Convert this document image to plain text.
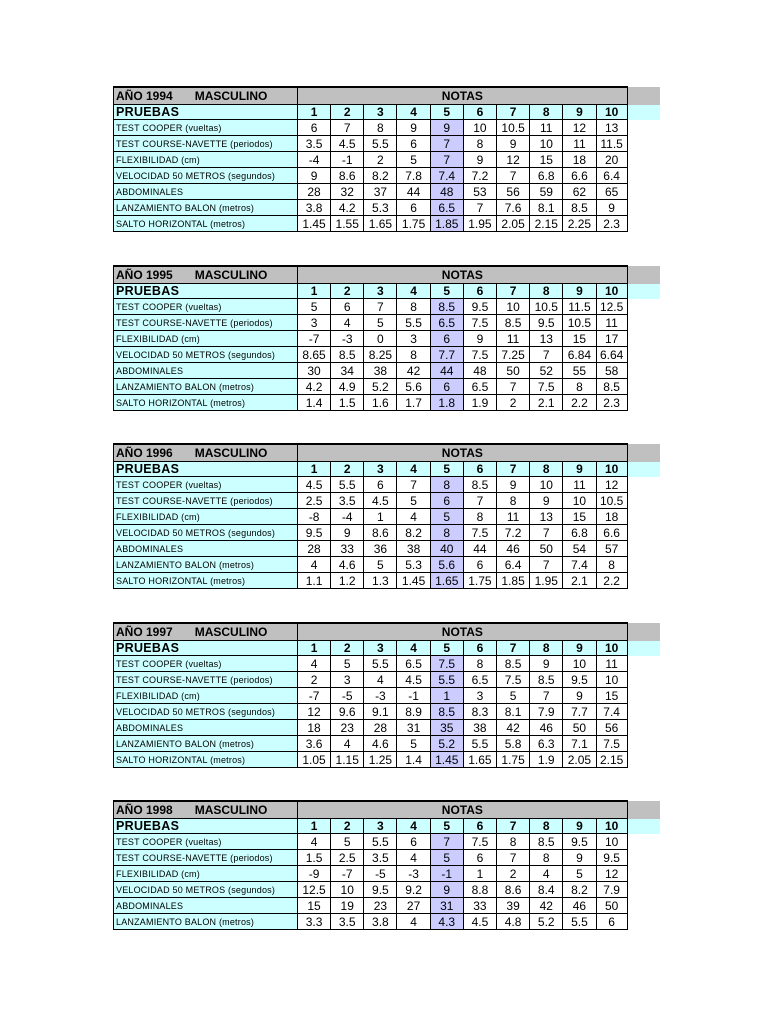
AÑO 1994 MASCULINO	NOTAS										
PRUEBAS	1	2	3	4	5	6	7	8	9	10	
TEST COOPER (vueltas)	6	7	8	9	9	10	10.5	11	12	13	
TEST COURSE-NAVETTE (periodos)	3.5	4.5	5.5	6	7	8	9	10	11	11.5	
FLEXIBILIDAD (cm)	-4	-1	2	5	7	9	12	15	18	20	
VELOCIDAD 50 METROS (segundos)	9	8.6	8.2	7.8	7.4	7.2	7	6.8	6.6	6.4	
ABDOMINALES	28	32	37	44	48	53	56	59	62	65	
LANZAMIENTO BALON (metros)	3.8	4.2	5.3	6	6.5	7	7.6	8.1	8.5	9	
SALTO HORIZONTAL (metros)	1.45	1.55	1.65	1.75	1.85	1.95	2.05	2.15	2.25	2.3	
AÑO 1995 MASCULINO	NOTAS										
PRUEBAS	1	2	3	4	5	6	7	8	9	10	
TEST COOPER (vueltas)	5	6	7	8	8.5	9.5	10	10.5	11.5	12.5	
TEST COURSE-NAVETTE (periodos)	3	4	5	5.5	6.5	7.5	8.5	9.5	10.5	11	
FLEXIBILIDAD (cm)	-7	-3	0	3	6	9	11	13	15	17	
VELOCIDAD 50 METROS (segundos)	8.65	8.5	8.25	8	7.7	7.5	7.25	7	6.84	6.64	
ABDOMINALES	30	34	38	42	44	48	50	52	55	58	
LANZAMIENTO BALON (metros)	4.2	4.9	5.2	5.6	6	6.5	7	7.5	8	8.5	
SALTO HORIZONTAL (metros)	1.4	1.5	1.6	1.7	1.8	1.9	2	2.1	2.2	2.3	
AÑO 1996 MASCULINO	NOTAS										
PRUEBAS	1	2	3	4	5	6	7	8	9	10	
TEST COOPER (vueltas)	4.5	5.5	6	7	8	8.5	9	10	11	12	
TEST COURSE-NAVETTE (periodos)	2.5	3.5	4.5	5	6	7	8	9	10	10.5	
FLEXIBILIDAD (cm)	-8	-4	1	4	5	8	11	13	15	18	
VELOCIDAD 50 METROS (segundos)	9.5	9	8.6	8.2	8	7.5	7.2	7	6.8	6.6	
ABDOMINALES	28	33	36	38	40	44	46	50	54	57	
LANZAMIENTO BALON (metros)	4	4.6	5	5.3	5.6	6	6.4	7	7.4	8	
SALTO HORIZONTAL (metros)	1.1	1.2	1.3	1.45	1.65	1.75	1.85	1.95	2.1	2.2	
AÑO 1997 MASCULINO	NOTAS										
PRUEBAS	1	2	3	4	5	6	7	8	9	10	
TEST COOPER (vueltas)	4	5	5.5	6.5	7.5	8	8.5	9	10	11	
TEST COURSE-NAVETTE (periodos)	2	3	4	4.5	5.5	6.5	7.5	8.5	9.5	10	
FLEXIBILIDAD (cm)	-7	-5	-3	-1	1	3	5	7	9	15	
VELOCIDAD 50 METROS (segundos)	12	9.6	9.1	8.9	8.5	8.3	8.1	7.9	7.7	7.4	
ABDOMINALES	18	23	28	31	35	38	42	46	50	56	
LANZAMIENTO BALON (metros)	3.6	4	4.6	5	5.2	5.5	5.8	6.3	7.1	7.5	
SALTO HORIZONTAL (metros)	1.05	1.15	1.25	1.4	1.45	1.65	1.75	1.9	2.05	2.15	
AÑO 1998 MASCULINO	NOTAS										
PRUEBAS	1	2	3	4	5	6	7	8	9	10	
TEST COOPER (vueltas)	4	5	5.5	6	7	7.5	8	8.5	9.5	10	
TEST COURSE-NAVETTE (periodos)	1.5	2.5	3.5	4	5	6	7	8	9	9.5	
FLEXIBILIDAD (cm)	-9	-7	-5	-3	-1	1	2	4	5	12	
VELOCIDAD 50 METROS (segundos)	12.5	10	9.5	9.2	9	8.8	8.6	8.4	8.2	7.9	
ABDOMINALES	15	19	23	27	31	33	39	42	46	50	
LANZAMIENTO BALON (metros)	3.3	3.5	3.8	4	4.3	4.5	4.8	5.2	5.5	6	
